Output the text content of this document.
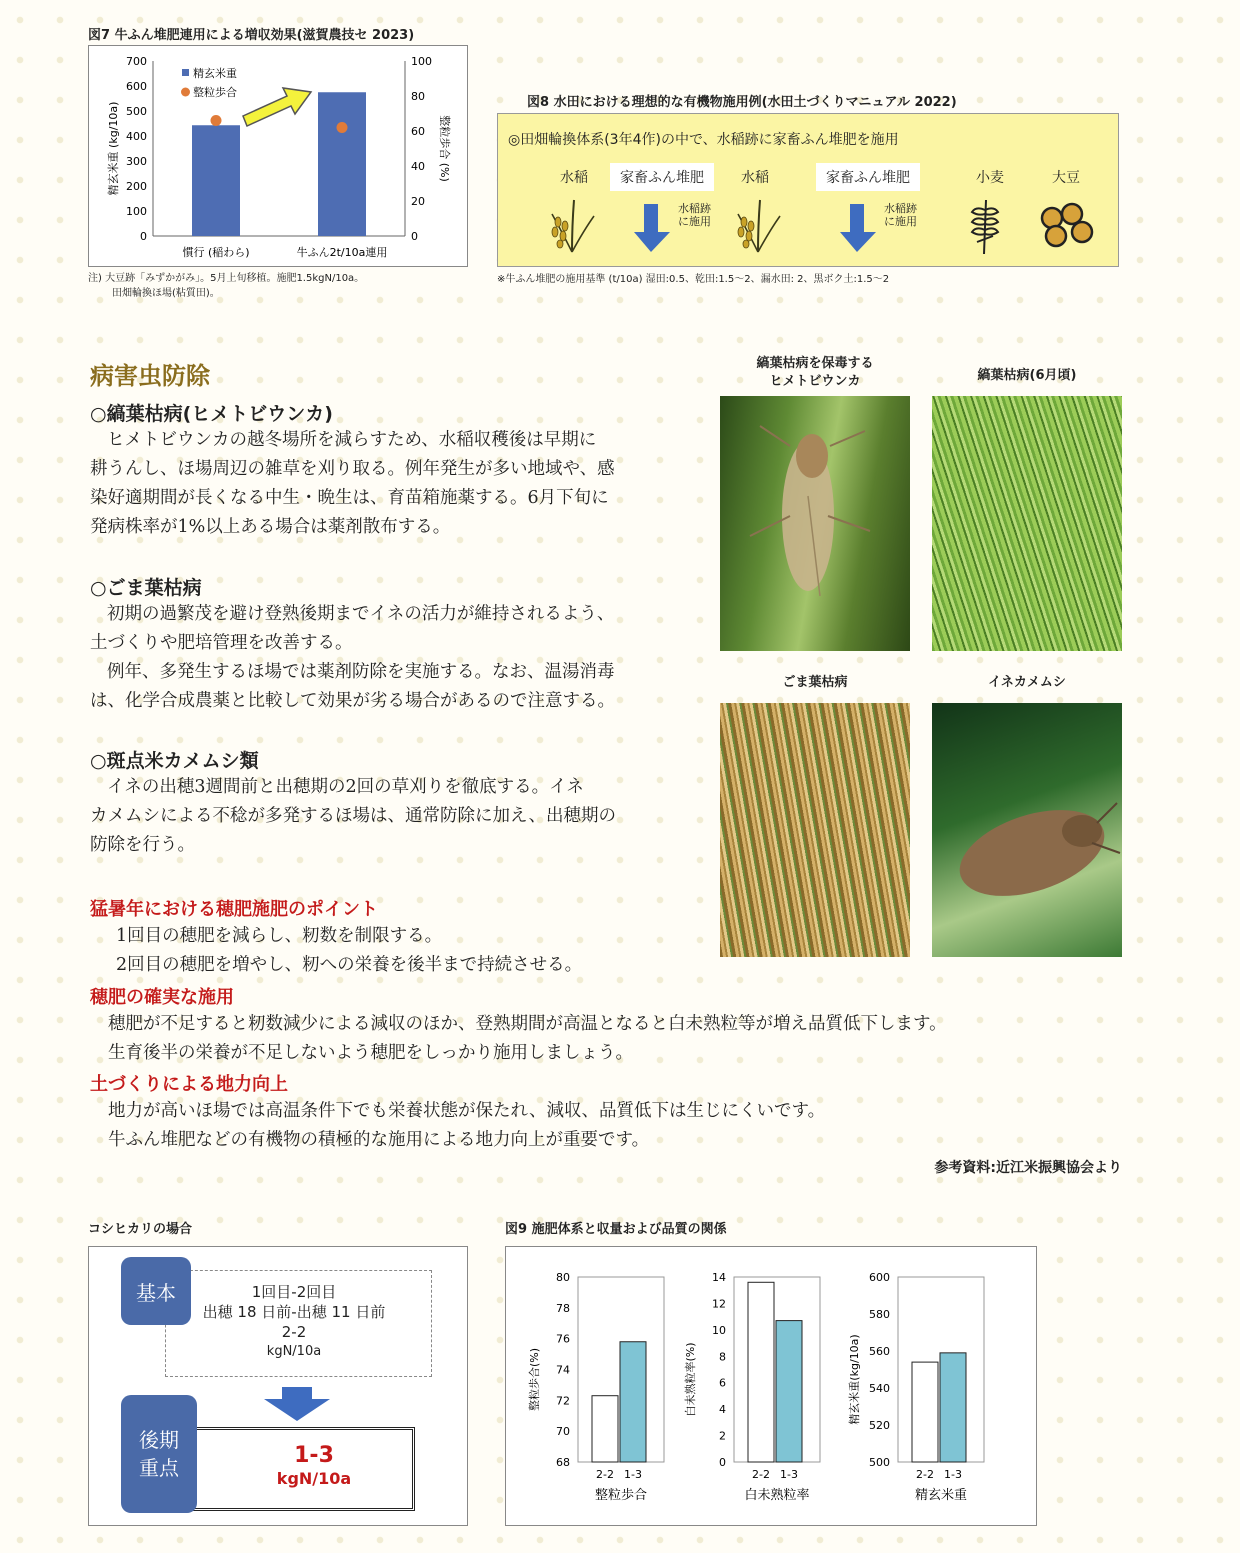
図7 牛ふん堆肥連用による増収効果(滋賀農技セ 2023)
0
100
200
300
400
500
600
700
0
20
40
60
80
100
慣行 (稲わら)	牛ふん2t/10a連用
精玄米重 (kg/10a)	整粒歩合 (%)
精玄米重
整粒歩合
注) 大豆跡「みずかがみ」。5月上旬移植。施肥1.5kgN/10a。
田畑輪換ほ場(粘質田)。
図8 水田における理想的な有機物施用例(水田土づくりマニュアル 2022)
◎田畑輪換体系(3年4作)の中で、水稲跡に家畜ふん堆肥を施用
水稲	家畜ふん堆肥	水稲	家畜ふん堆肥	小麦	大豆
水稲跡
に施用
水稲跡
に施用
※牛ふん堆肥の施用基準 (t/10a) 湿田:0.5、乾田:1.5〜2、漏水田: 2、黒ボク土:1.5〜2
病害虫防除
○縞葉枯病(ヒメトビウンカ)
ヒメトビウンカの越冬場所を減らすため、水稲収穫後は早期に
耕うんし、ほ場周辺の雑草を刈り取る。例年発生が多い地域や、感
染好適期間が長くなる中生・晩生は、育苗箱施薬する。6月下旬に
発病株率が1%以上ある場合は薬剤散布する。
○ごま葉枯病
初期の過繁茂を避け登熟後期までイネの活力が維持されるよう、
土づくりや肥培管理を改善する。
例年、多発生するほ場では薬剤防除を実施する。なお、温湯消毒
は、化学合成農薬と比較して効果が劣る場合があるので注意する。
○斑点米カメムシ類
イネの出穂3週間前と出穂期の2回の草刈りを徹底する。イネ
カメムシによる不稔が多発するほ場は、通常防除に加え、出穂期の
防除を行う。
縞葉枯病を保毒する
ヒメトビウンカ	縞葉枯病(6月頃)
ごま葉枯病	イネカメムシ
猛暑年における穂肥施肥のポイント
1回目の穂肥を減らし、籾数を制限する。
2回目の穂肥を増やし、籾への栄養を後半まで持続させる。
穂肥の確実な施用
穂肥が不足すると籾数減少による減収のほか、登熟期間が高温となると白未熟粒等が増え品質低下します。
生育後半の栄養が不足しないよう穂肥をしっかり施用しましょう。
土づくりによる地力向上
地力が高いほ場では高温条件下でも栄養状態が保たれ、減収、品質低下は生じにくいです。
牛ふん堆肥などの有機物の積極的な施用による地力向上が重要です。
参考資料:近江米振興協会より
コシヒカリの場合
1回目-2回目
出穂 18 日前-出穂 11 日前
2-2
kgN/10a
基本
1-3
kgN/10a
後期
重点
図9 施肥体系と収量および品質の関係
68
70
72
74
76
78
80
2-2 1-3
整粒歩合
整粒歩合(%)
0
2
4
6
8
10
12
14
2-2 1-3
白未熟粒率
白未熟粒率(%)
500
520
540
560
580
600
2-2 1-3
精玄米重
精玄米重(kg/10a)
